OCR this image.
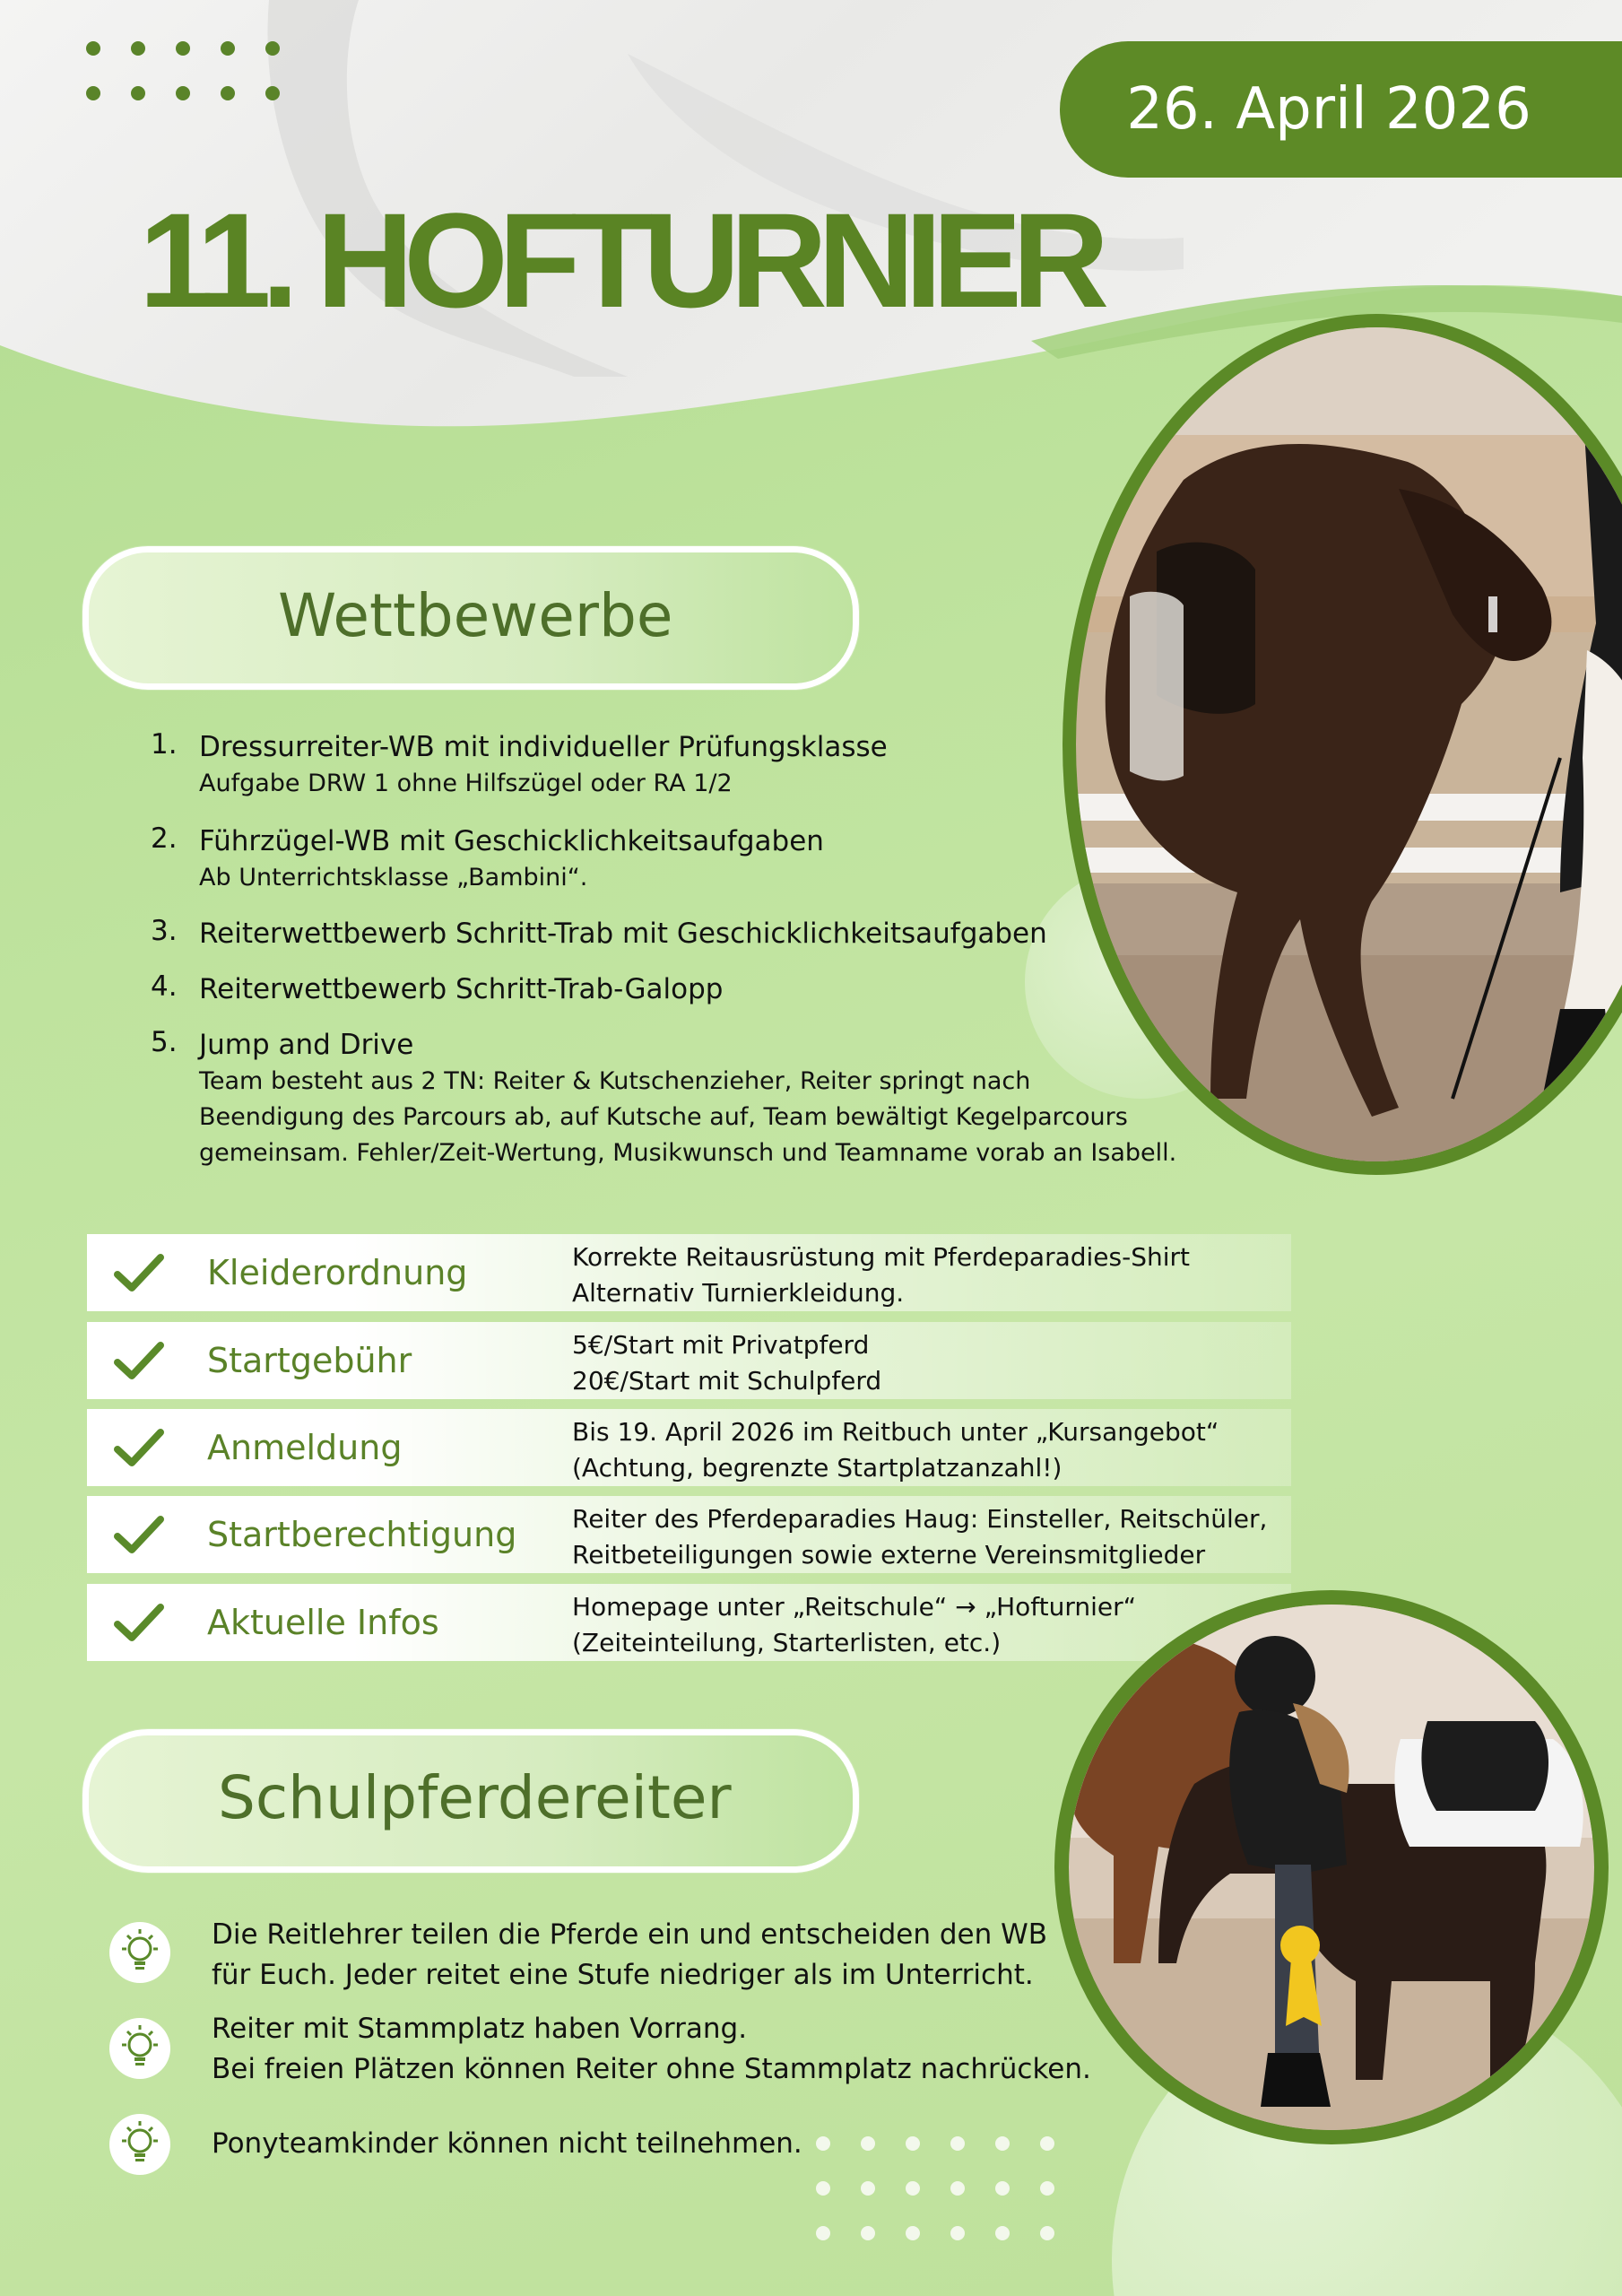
26. April 2026
11. HOFTURNIER
Wettbewerbe
1. Dressurreiter-WB mit individueller Prüfungsklasse
Aufgabe DRW 1 ohne Hilfszügel oder RA 1/2
2. Führzügel-WB mit Geschicklichkeitsaufgaben
Ab Unterrichtsklasse „Bambini“.
3. Reiterwettbewerb Schritt-Trab mit Geschicklichkeitsaufgaben
4. Reiterwettbewerb Schritt-Trab-Galopp
5. Jump and Drive
Team besteht aus 2 TN: Reiter & Kutschenzieher, Reiter springt nach
Beendigung des Parcours ab, auf Kutsche auf, Team bewältigt Kegelparcours
gemeinsam. Fehler/Zeit-Wertung, Musikwunsch und Teamname vorab an Isabell.
Kleiderordnung	Korrekte Reitausrüstung mit Pferdeparadies-Shirt
Alternativ Turnierkleidung.
Startgebühr	5€/Start mit Privatpferd
20€/Start mit Schulpferd
Anmeldung	Bis 19. April 2026 im Reitbuch unter „Kursangebot“
(Achtung, begrenzte Startplatzanzahl!)
Startberechtigung Reiter des Pferdeparadies Haug: Einsteller, Reitschüler,
Reitbeteiligungen sowie externe Vereinsmitglieder
Aktuelle Infos	Homepage unter „Reitschule“ → „Hofturnier“
(Zeiteinteilung, Starterlisten, etc.)
Schulpferdereiter
Die Reitlehrer teilen die Pferde ein und entscheiden den WB
für Euch. Jeder reitet eine Stufe niedriger als im Unterricht.
Reiter mit Stammplatz haben Vorrang.
Bei freien Plätzen können Reiter ohne Stammplatz nachrücken.
Ponyteamkinder können nicht teilnehmen.
